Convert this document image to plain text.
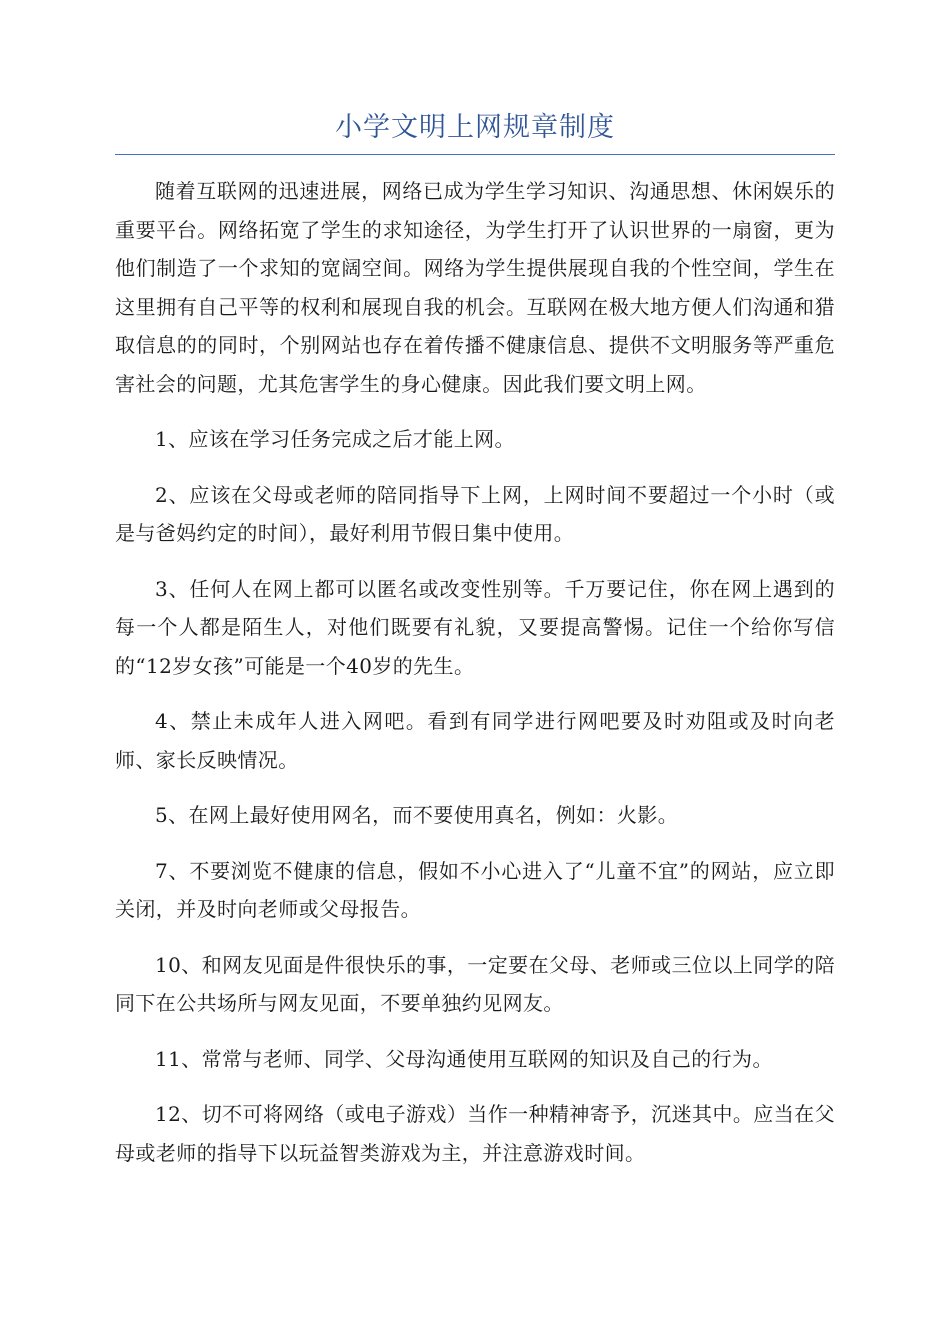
小学文明上网规章制度

随着互联网的迅速进展，网络已成为学生学习知识、沟通思想、休闲娱乐的重要平台。网络拓宽了学生的求知途径，为学生打开了认识世界的一扇窗，更为他们制造了一个求知的宽阔空间。网络为学生提供展现自我的个性空间，学生在这里拥有自己平等的权利和展现自我的机会。互联网在极大地方便人们沟通和猎取信息的的同时，个别网站也存在着传播不健康信息、提供不文明服务等严重危害社会的问题，尤其危害学生的身心健康。因此我们要文明上网。

1、应该在学习任务完成之后才能上网。

2、应该在父母或老师的陪同指导下上网，上网时间不要超过一个小时（或是与爸妈约定的时间），最好利用节假日集中使用。

3、任何人在网上都可以匿名或改变性别等。千万要记住，你在网上遇到的每一个人都是陌生人，对他们既要有礼貌，又要提高警惕。记住一个给你写信的“12岁女孩”可能是一个40岁的先生。

4、禁止未成年人进入网吧。看到有同学进行网吧要及时劝阻或及时向老师、家长反映情况。

5、在网上最好使用网名，而不要使用真名，例如：火影。

7、不要浏览不健康的信息，假如不小心进入了“儿童不宜”的网站，应立即关闭，并及时向老师或父母报告。

10、和网友见面是件很快乐的事，一定要在父母、老师或三位以上同学的陪同下在公共场所与网友见面，不要单独约见网友。

11、常常与老师、同学、父母沟通使用互联网的知识及自己的行为。

12、切不可将网络（或电子游戏）当作一种精神寄予，沉迷其中。应当在父母或老师的指导下以玩益智类游戏为主，并注意游戏时间。
